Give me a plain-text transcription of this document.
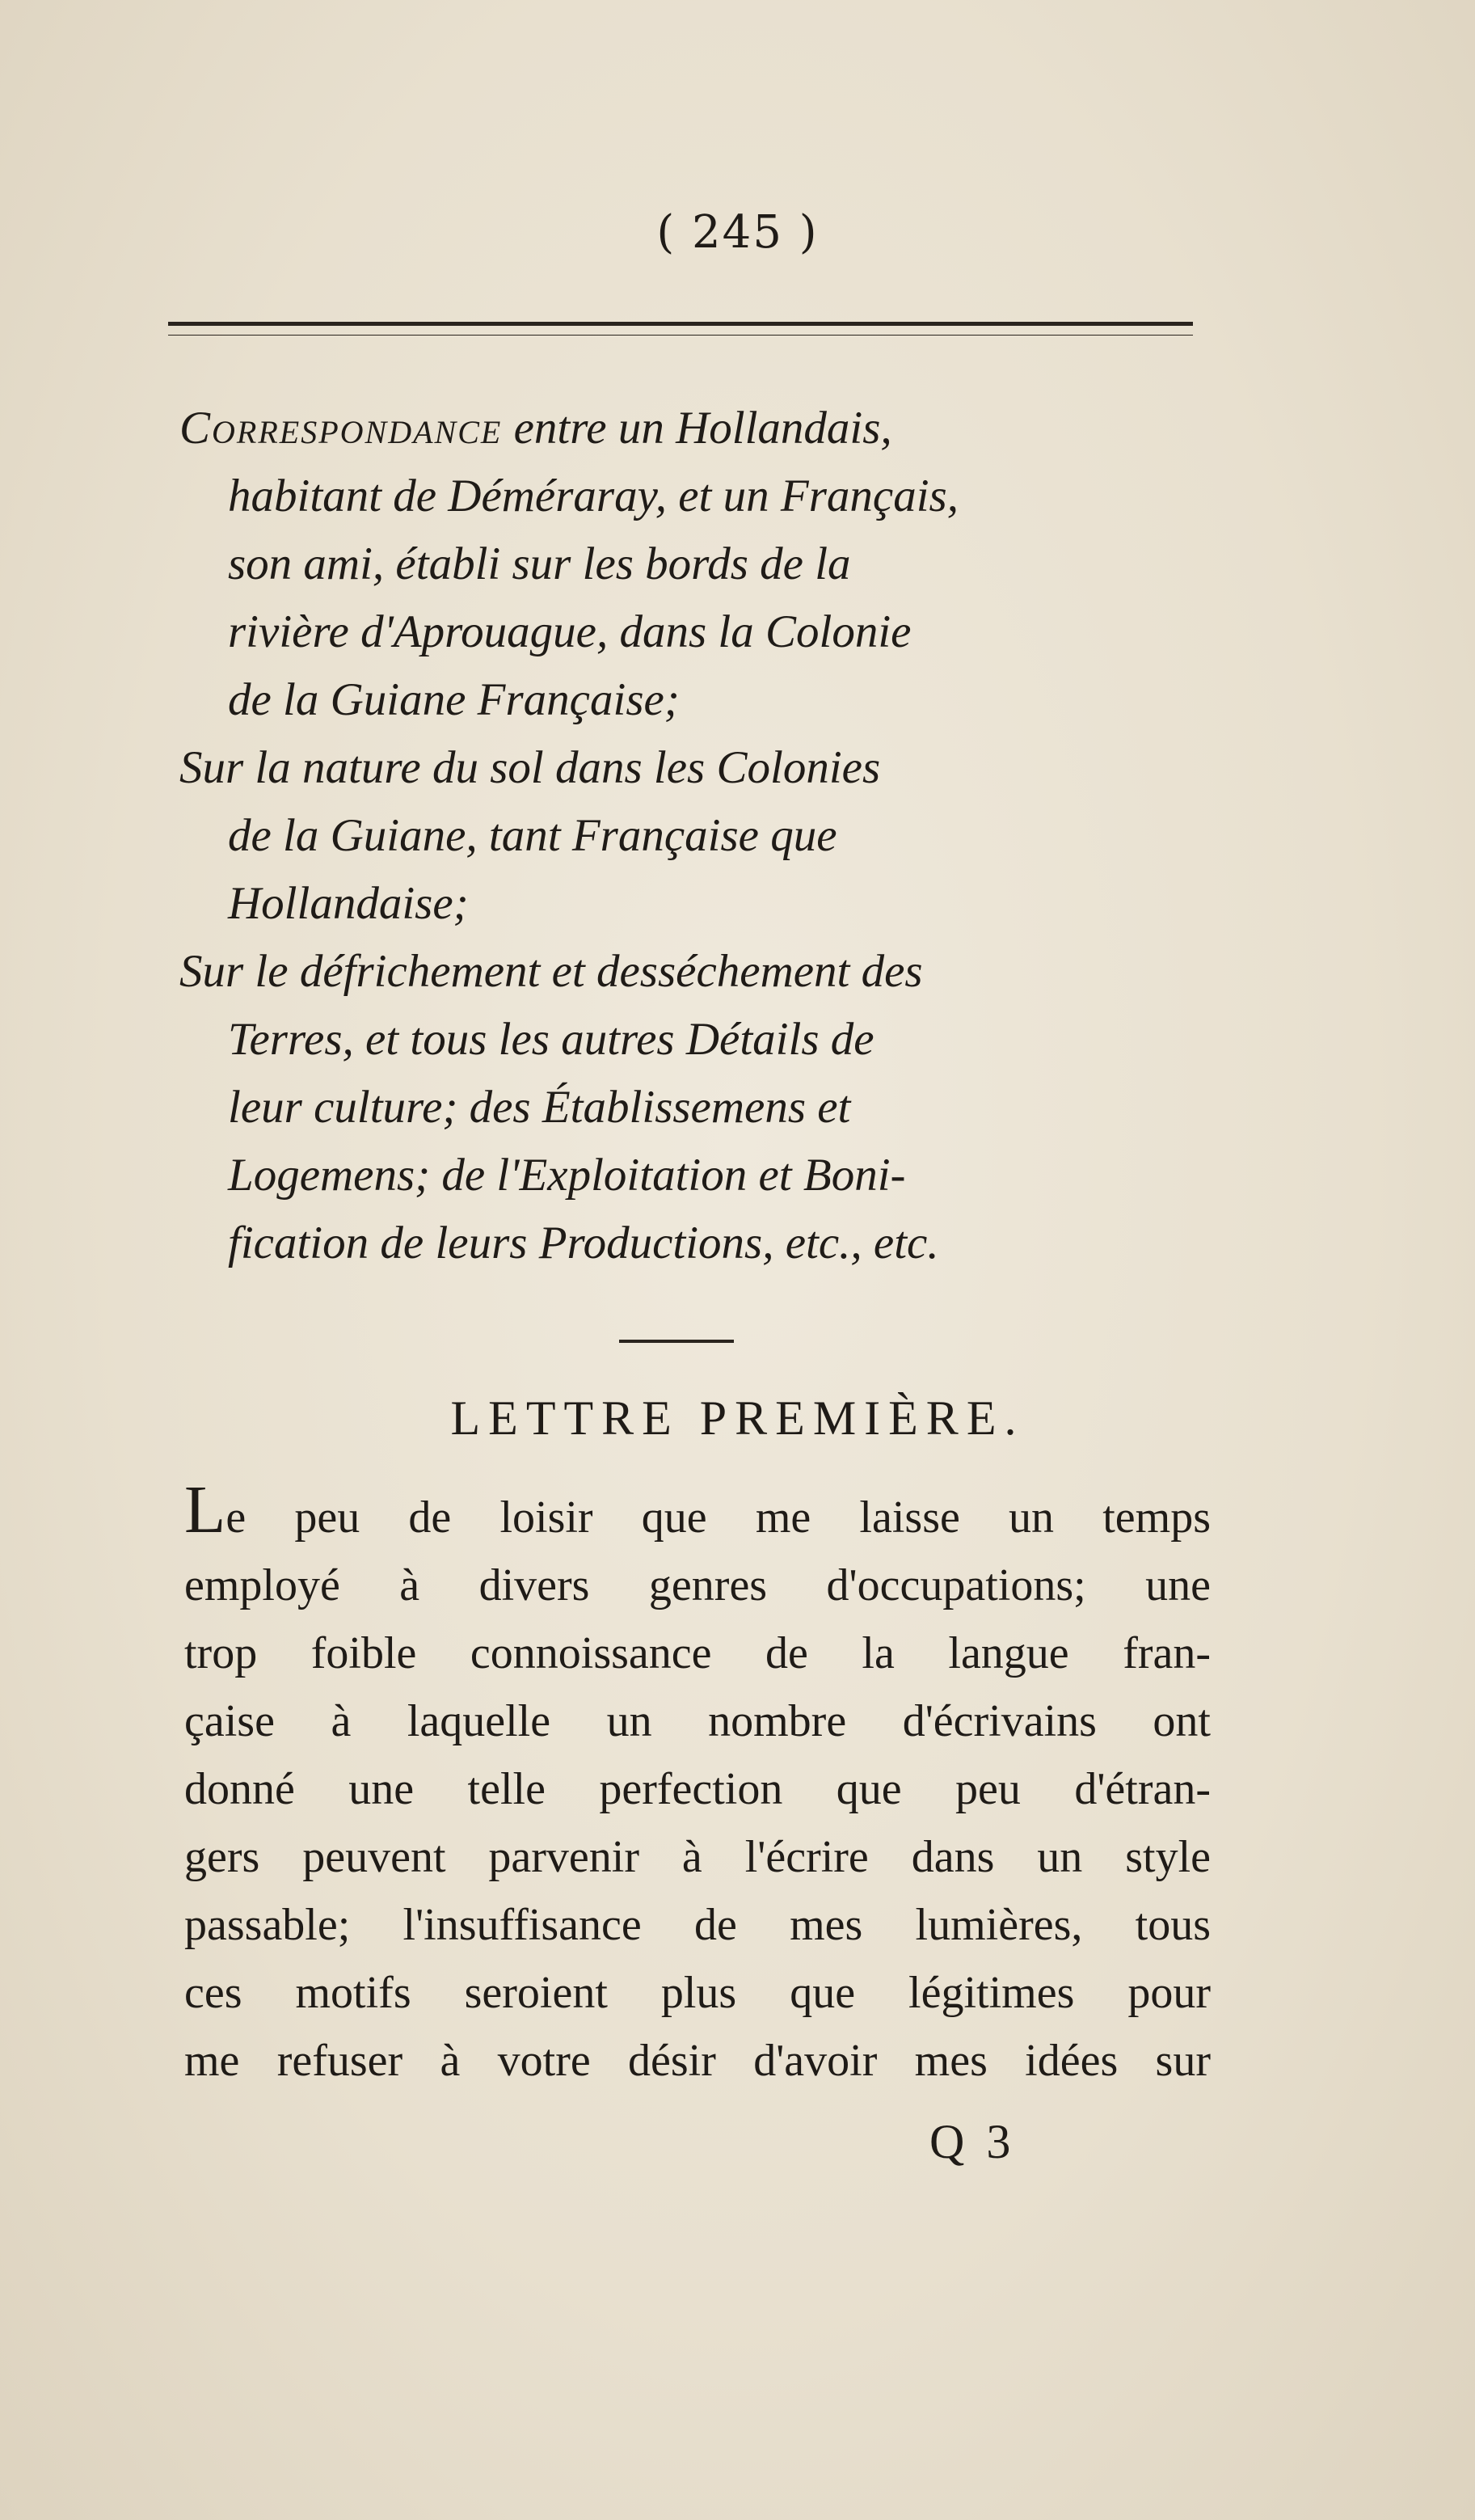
( 245 )

Correspondance entre un Hollandais,

habitant de Déméraray, et un Français,

son ami, établi sur les bords de la

rivière d'Aprouague, dans la Colonie

de la Guiane Française;

Sur la nature du sol dans les Colonies

de la Guiane, tant Française que

Hollandaise;

Sur le défrichement et desséchement des

Terres, et tous les autres Détails de

leur culture; des Établissemens et

Logemens; de l'Exploitation et Boni-

fication de leurs Productions, etc., etc.

LETTRE PREMIÈRE.

Le peu de loisir que me laisse un temps

employé à divers genres d'occupations; une

trop foible connoissance de la langue fran-

çaise à laquelle un nombre d'écrivains ont

donné une telle perfection que peu d'étran-

gers peuvent parvenir à l'écrire dans un style

passable; l'insuffisance de mes lumières, tous

ces motifs seroient plus que légitimes pour

me refuser à votre désir d'avoir mes idées sur

Q 3
